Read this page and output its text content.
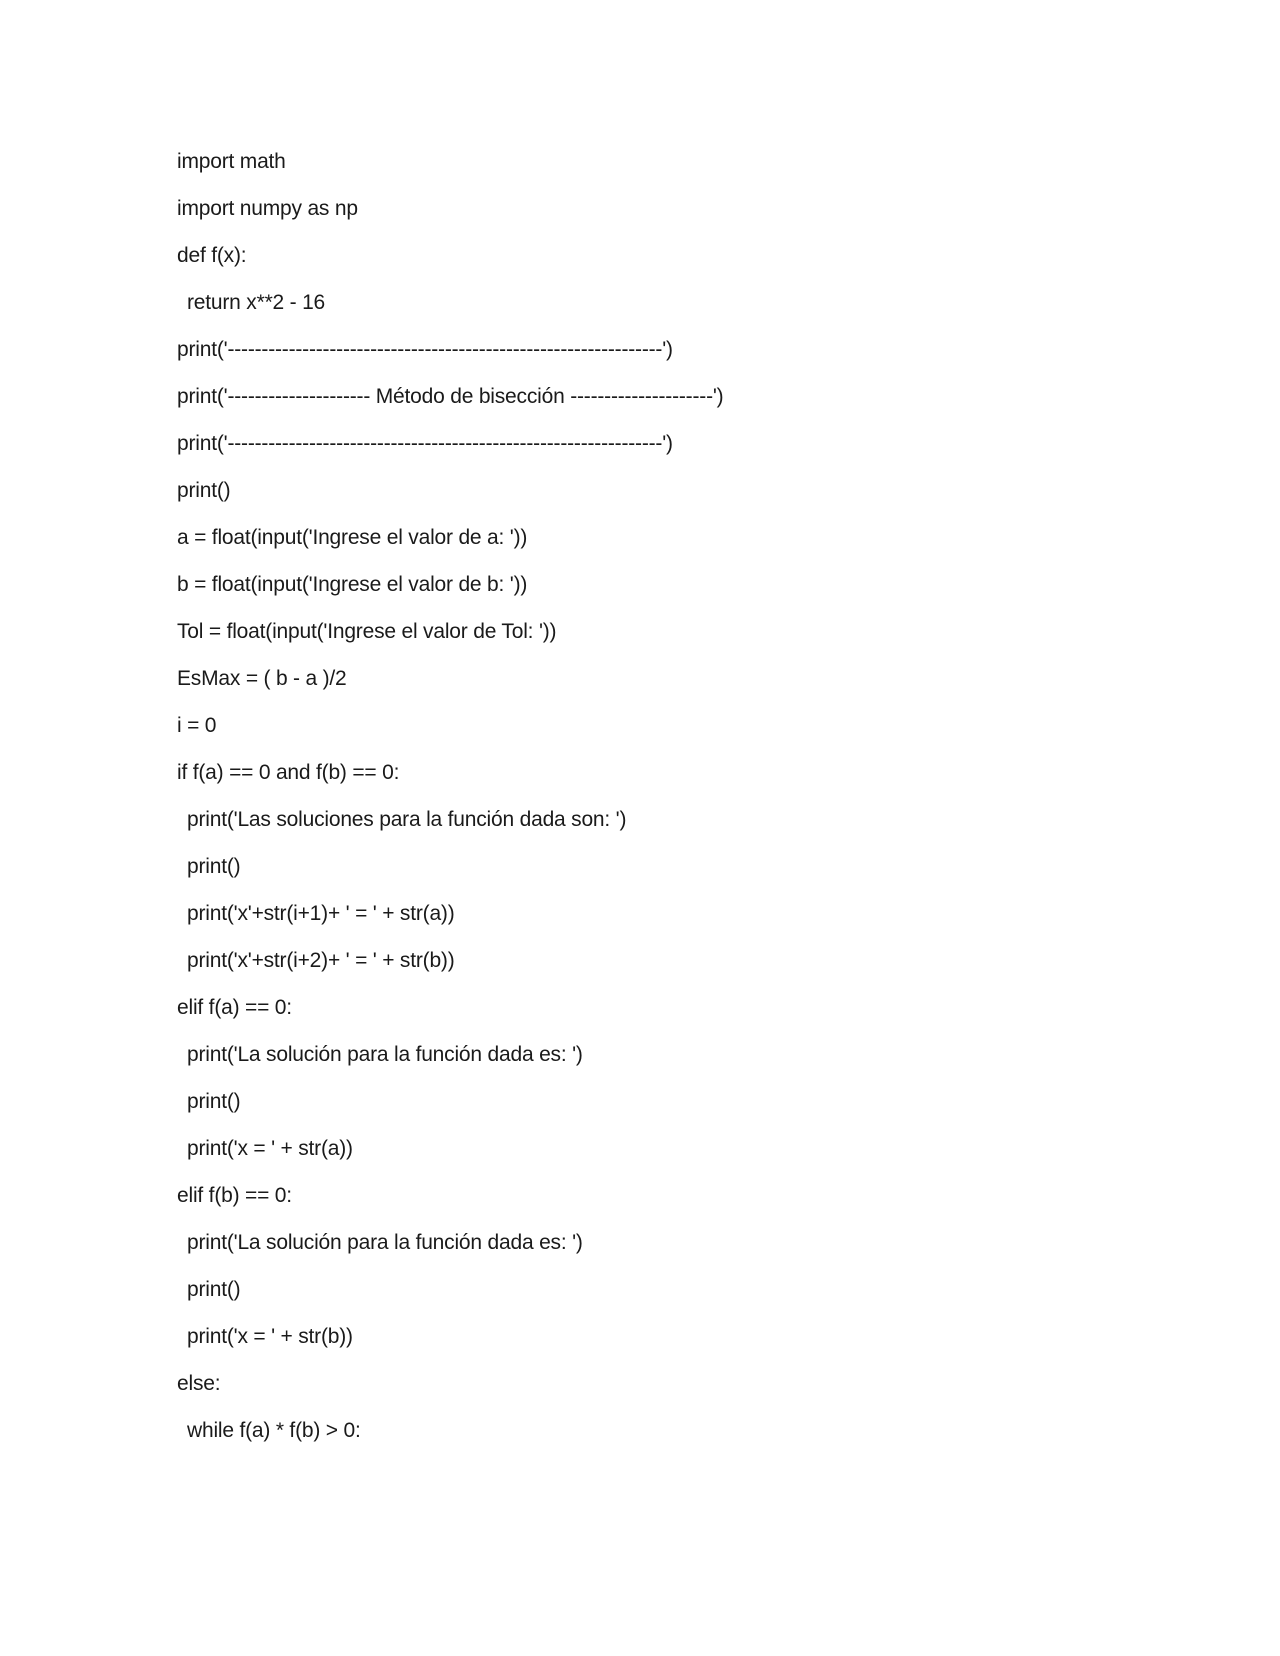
import math
import numpy as np
def f(x):
return x**2 - 16
print('----------------------------------------------------------------')
print('--------------------- Método de bisección ---------------------')
print('----------------------------------------------------------------')
print()
a = float(input('Ingrese el valor de a: '))
b = float(input('Ingrese el valor de b: '))
Tol = float(input('Ingrese el valor de Tol: '))
EsMax = ( b - a )/2
i = 0
if f(a) == 0 and f(b) == 0:
print('Las soluciones para la función dada son: ')
print()
print('x'+str(i+1)+ ' = ' + str(a))
print('x'+str(i+2)+ ' = ' + str(b))
elif f(a) == 0:
print('La solución para la función dada es: ')
print()
print('x = ' + str(a))
elif f(b) == 0:
print('La solución para la función dada es: ')
print()
print('x = ' + str(b))
else:
while f(a) * f(b) > 0:
